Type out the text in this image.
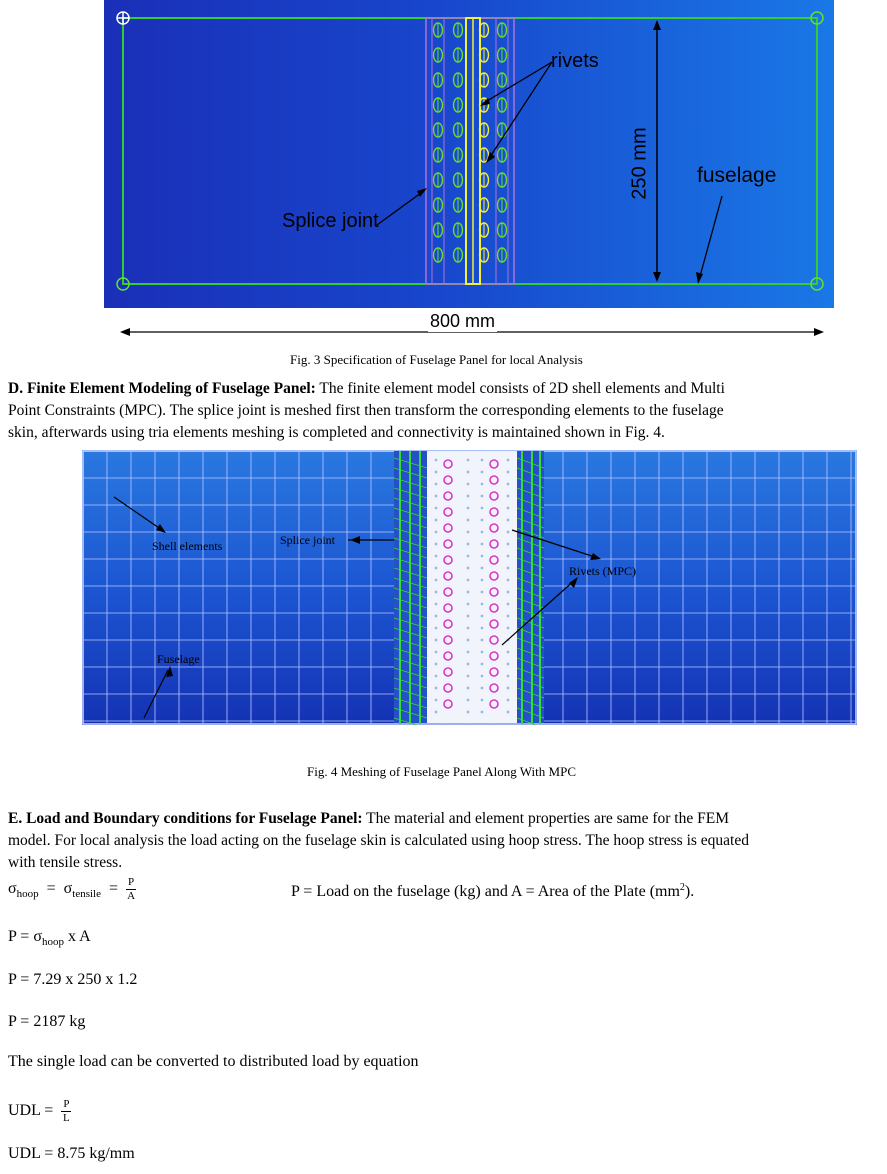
rivets
Splice joint
250 mm fuselage
800 mm
Fig. 3 Specification of Fuselage Panel for local Analysis
D. Finite Element Modeling of Fuselage Panel: The finite element model consists of 2D shell elements and Multi
Point Constraints (MPC). The splice joint is meshed first then transform the corresponding elements to the fuselage
skin, afterwards using tria elements meshing is completed and connectivity is maintained shown in Fig. 4.
Shell elements	Splice joint
Rivets (MPC)
Fuselage
Fig. 4 Meshing of Fuselage Panel Along With MPC
E. Load and Boundary conditions for Fuselage Panel: The material and element properties are same for the FEM
model. For local analysis the load acting on the fuselage skin is calculated using hoop stress. The hoop stress is equated
with tensile stress.
$\sigma_{hoop} = \sigma_{tensile} = \frac{P}{A}$	P = Load on the fuselage (kg) and A = Area of the Plate $(mm^2)$.
$P = \sigma_{hoop}$ x A
P = 7.29 x 250 x 1.2
P = 2187 kg
The single load can be converted to distributed load by equation
UDL = $\frac{P}{L}$
UDL = 8.75 kg/mm
